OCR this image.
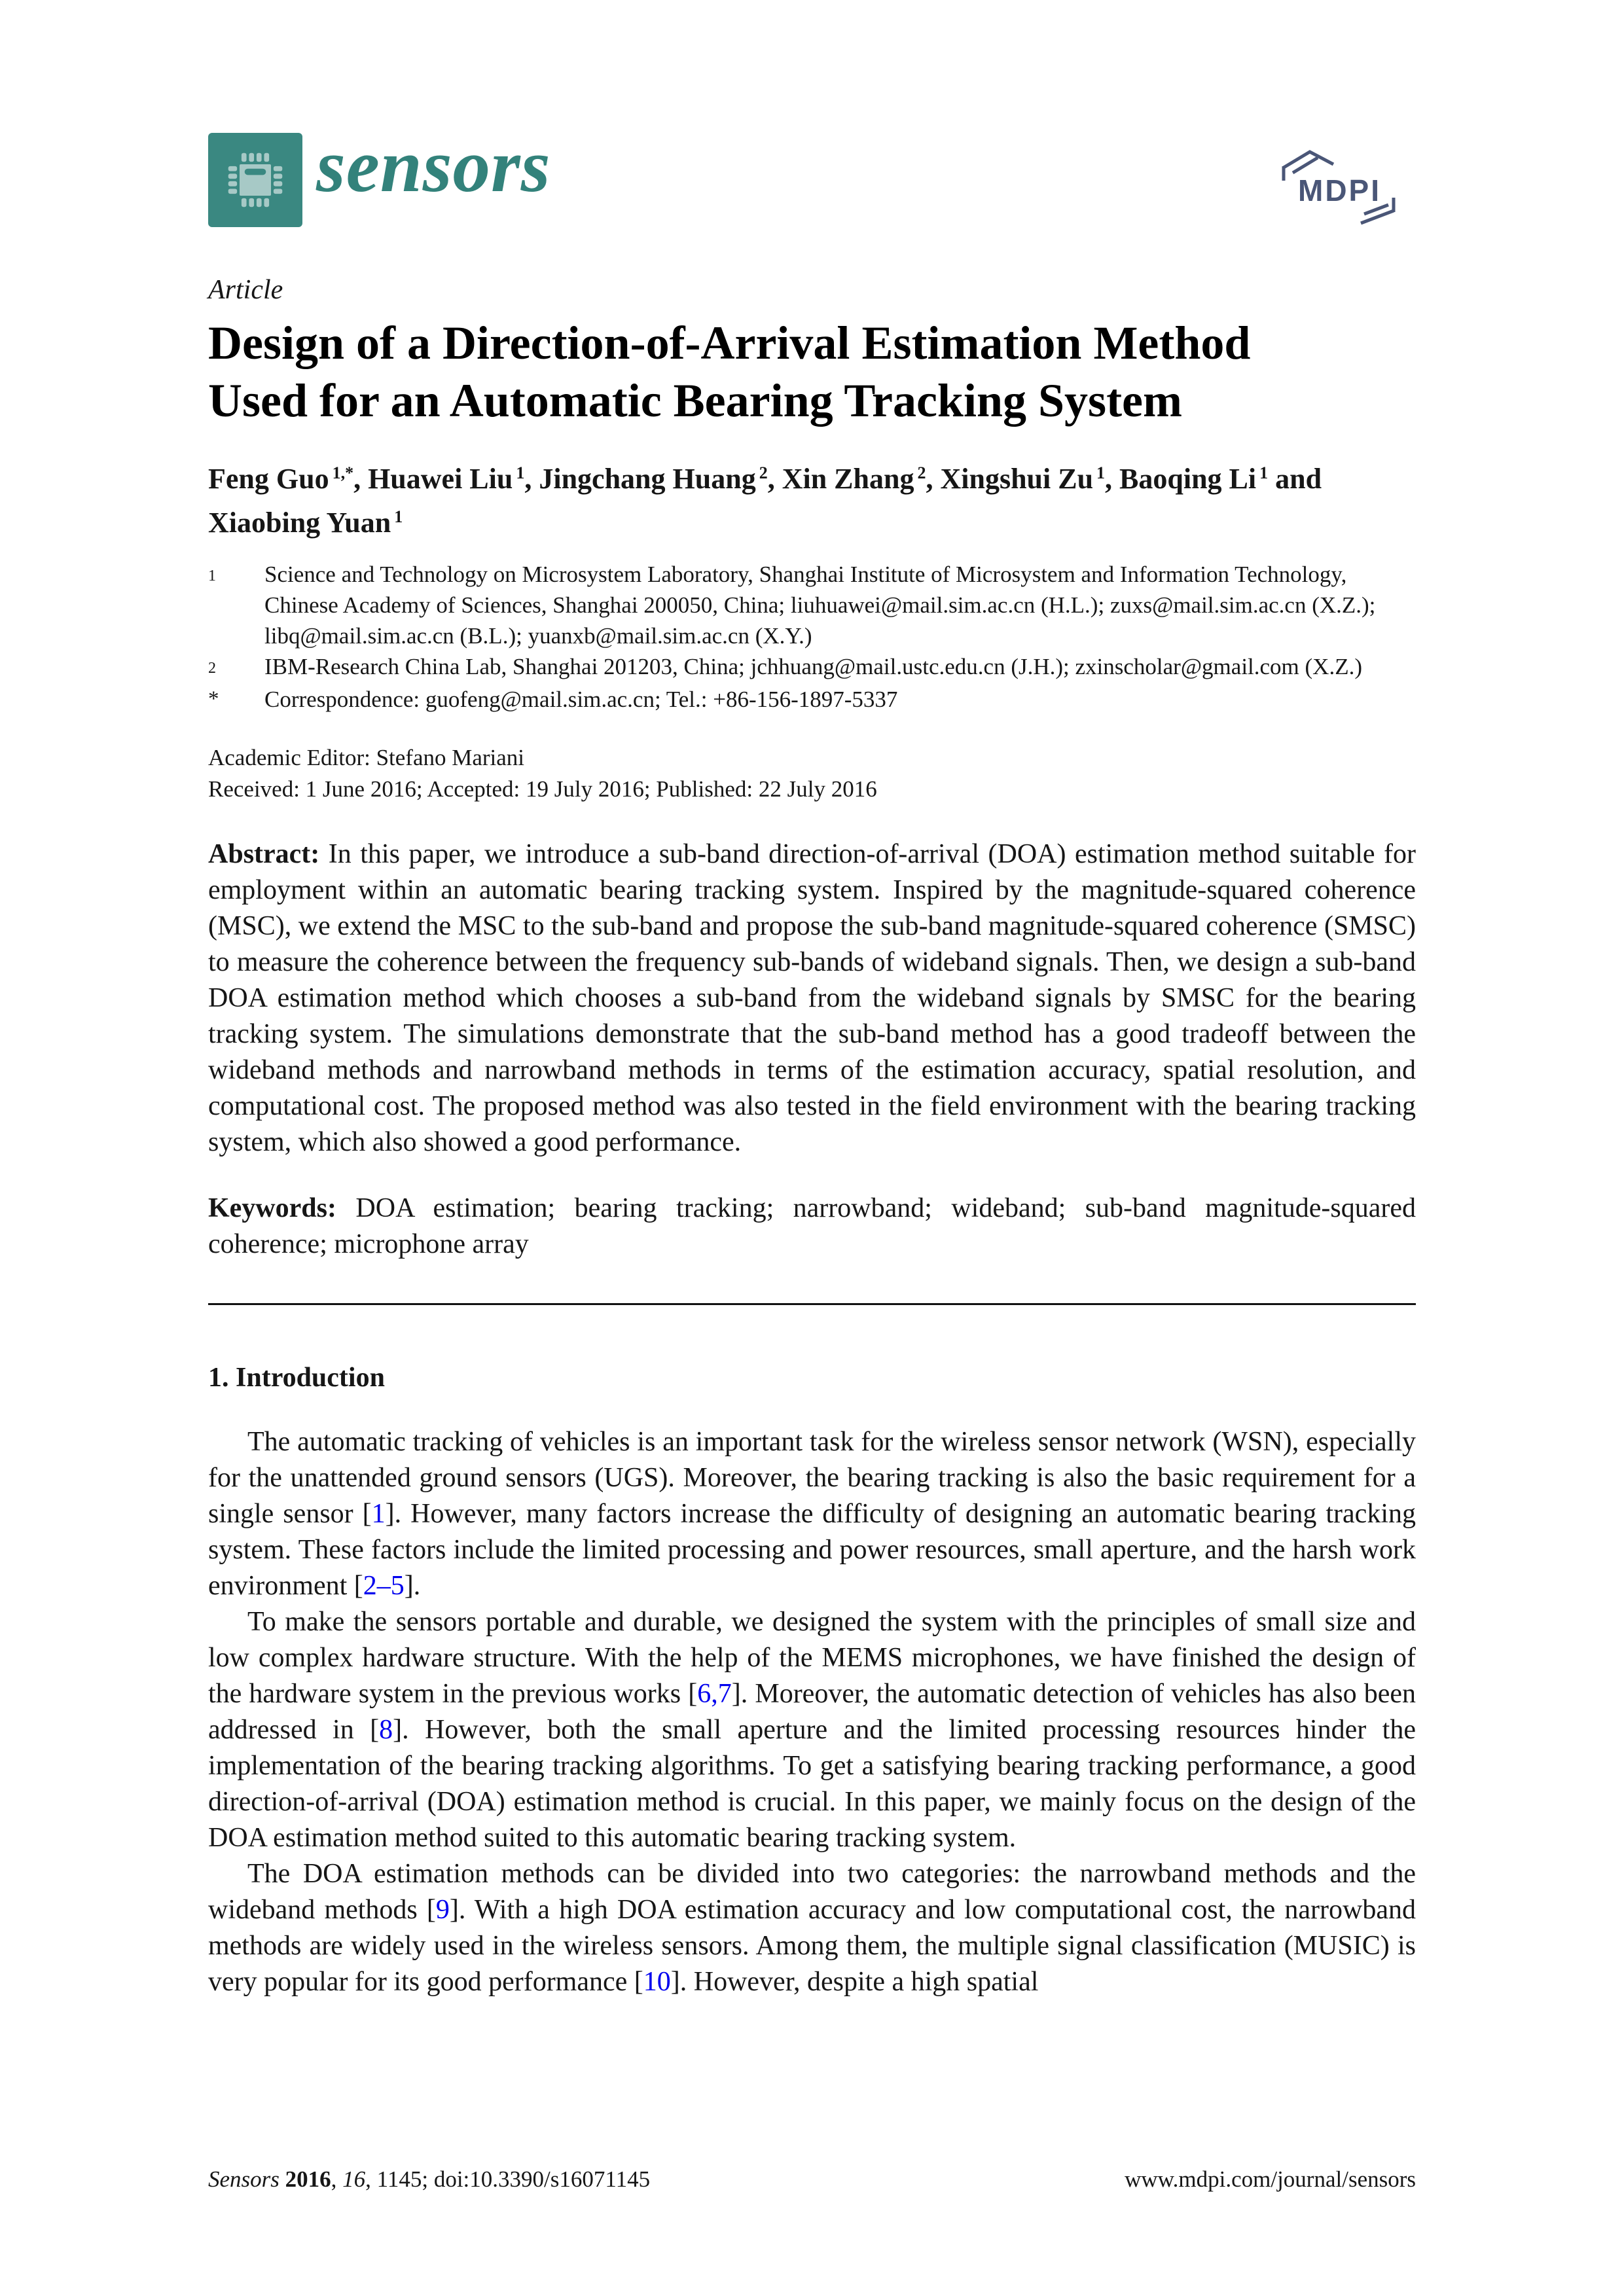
sensors	MDPI
Article
Design of a Direction-of-Arrival Estimation Method
Used for an Automatic Bearing Tracking System
Feng Guo $^{1,*}$, Huawei Liu $^1$, Jingchang Huang $^2$, Xin Zhang $^2$, Xingshui Zu $^1$, Baoqing Li $^1$ and Xiaobing Yuan $^1$
1	Science and Technology on Microsystem Laboratory, Shanghai Institute of Microsystem and Information Technology, Chinese Academy of Sciences, Shanghai 200050, China; liuhuawei@mail.sim.ac.cn (H.L.); zuxs@mail.sim.ac.cn (X.Z.); libq@mail.sim.ac.cn (B.L.); yuanxb@mail.sim.ac.cn (X.Y.)
2	IBM-Research China Lab, Shanghai 201203, China; jchhuang@mail.ustc.edu.cn (J.H.); zxinscholar@gmail.com (X.Z.)
*	Correspondence: guofeng@mail.sim.ac.cn; Tel.: +86-156-1897-5337
Academic Editor: Stefano Mariani
Received: 1 June 2016; Accepted: 19 July 2016; Published: 22 July 2016

Abstract: In this paper, we introduce a sub-band direction-of-arrival (DOA) estimation method suitable for employment within an automatic bearing tracking system. Inspired by the magnitude-squared coherence (MSC), we extend the MSC to the sub-band and propose the sub-band magnitude-squared coherence (SMSC) to measure the coherence between the frequency sub-bands of wideband signals. Then, we design a sub-band DOA estimation method which chooses a sub-band from the wideband signals by SMSC for the bearing tracking system. The simulations demonstrate that the sub-band method has a good tradeoff between the wideband methods and narrowband methods in terms of the estimation accuracy, spatial resolution, and computational cost. The proposed method was also tested in the field environment with the bearing tracking system, which also showed a good performance.

Keywords: DOA estimation; bearing tracking; narrowband; wideband; sub-band magnitude-squared coherence; microphone array

1. Introduction

The automatic tracking of vehicles is an important task for the wireless sensor network (WSN), especially for the unattended ground sensors (UGS). Moreover, the bearing tracking is also the basic requirement for a single sensor [1]. However, many factors increase the difficulty of designing an automatic bearing tracking system. These factors include the limited processing and power resources, small aperture, and the harsh work environment [2–5].

To make the sensors portable and durable, we designed the system with the principles of small size and low complex hardware structure. With the help of the MEMS microphones, we have finished the design of the hardware system in the previous works [6,7]. Moreover, the automatic detection of vehicles has also been addressed in [8]. However, both the small aperture and the limited processing resources hinder the implementation of the bearing tracking algorithms. To get a satisfying bearing tracking performance, a good direction-of-arrival (DOA) estimation method is crucial. In this paper, we mainly focus on the design of the DOA estimation method suited to this automatic bearing tracking system.

The DOA estimation methods can be divided into two categories: the narrowband methods and the wideband methods [9]. With a high DOA estimation accuracy and low computational cost, the narrowband methods are widely used in the wireless sensors. Among them, the multiple signal classification (MUSIC) is very popular for its good performance [10]. However, despite a high spatial

Sensors 2016, 16, 1145; doi:10.3390/s16071145	www.mdpi.com/journal/sensors
